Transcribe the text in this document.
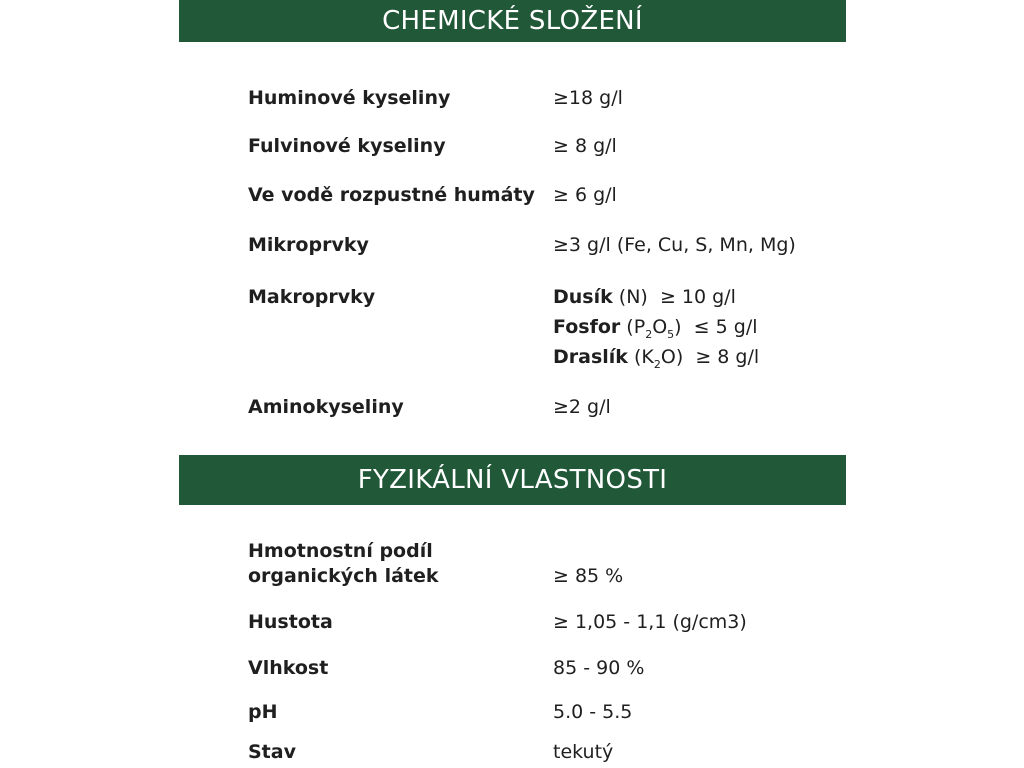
CHEMICKÉ SLOŽENÍ
Huminové kyseliny	≥18 g/l
Fulvinové kyseliny	≥ 8 g/l
Ve vodě rozpustné humáty ≥ 6 g/l
Mikroprvky	≥3 g/l (Fe, Cu, S, Mn, Mg)
Makroprvky	Dusík (N) ≥ 10 g/l
Fosfor $(P_2O_5) \le 5$ g/l
Draslík $(K_2O) \ge 8$ g/l
Aminokyseliny	≥2 g/l
FYZIKÁLNÍ VLASTNOSTI
Hmotnostní podíl
organických látek	≥ 85 %
Hustota	≥ 1,05 - 1,1 (g/cm3)
Vlhkost	85 - 90 %
pH	5.0 - 5.5
Stav	tekutý
